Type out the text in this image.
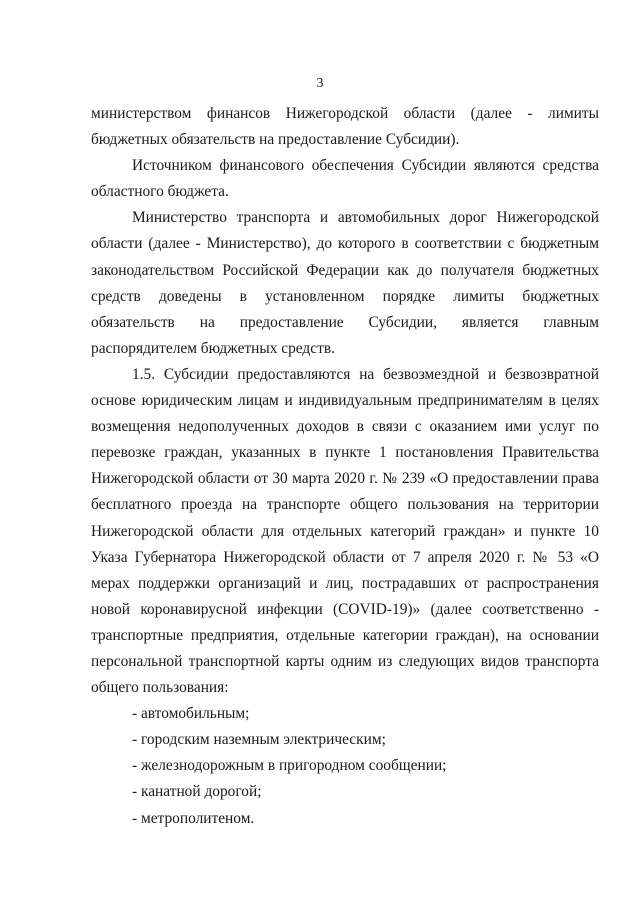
3

министерством финансов Нижегородской области (далее - лимиты бюджетных обязательств на предоставление Субсидии).

Источником финансового обеспечения Субсидии являются средства областного бюджета.

Министерство транспорта и автомобильных дорог Нижегородской области (далее - Министерство), до которого в соответствии с бюджетным законодательством Российской Федерации как до получателя бюджетных средств доведены в установленном порядке лимиты бюджетных обязательств на предоставление Субсидии, является главным распорядителем бюджетных средств.

1.5. Субсидии предоставляются на безвозмездной и безвозвратной основе юридическим лицам и индивидуальным предпринимателям в целях возмещения недополученных доходов в связи с оказанием ими услуг по перевозке граждан, указанных в пункте 1 постановления Правительства Нижегородской области от 30 марта 2020 г. № 239 «О предоставлении права бесплатного проезда на транспорте общего пользования на территории Нижегородской области для отдельных категорий граждан» и пункте 10 Указа Губернатора Нижегородской области от 7 апреля 2020 г. № 53 «О мерах поддержки организаций и лиц, пострадавших от распространения новой коронавирусной инфекции (COVID-19)» (далее соответственно - транспортные предприятия, отдельные категории граждан), на основании персональной транспортной карты одним из следующих видов транспорта общего пользования:

- автомобильным;
- городским наземным электрическим;
- железнодорожным в пригородном сообщении;
- канатной дорогой;
- метрополитеном.
